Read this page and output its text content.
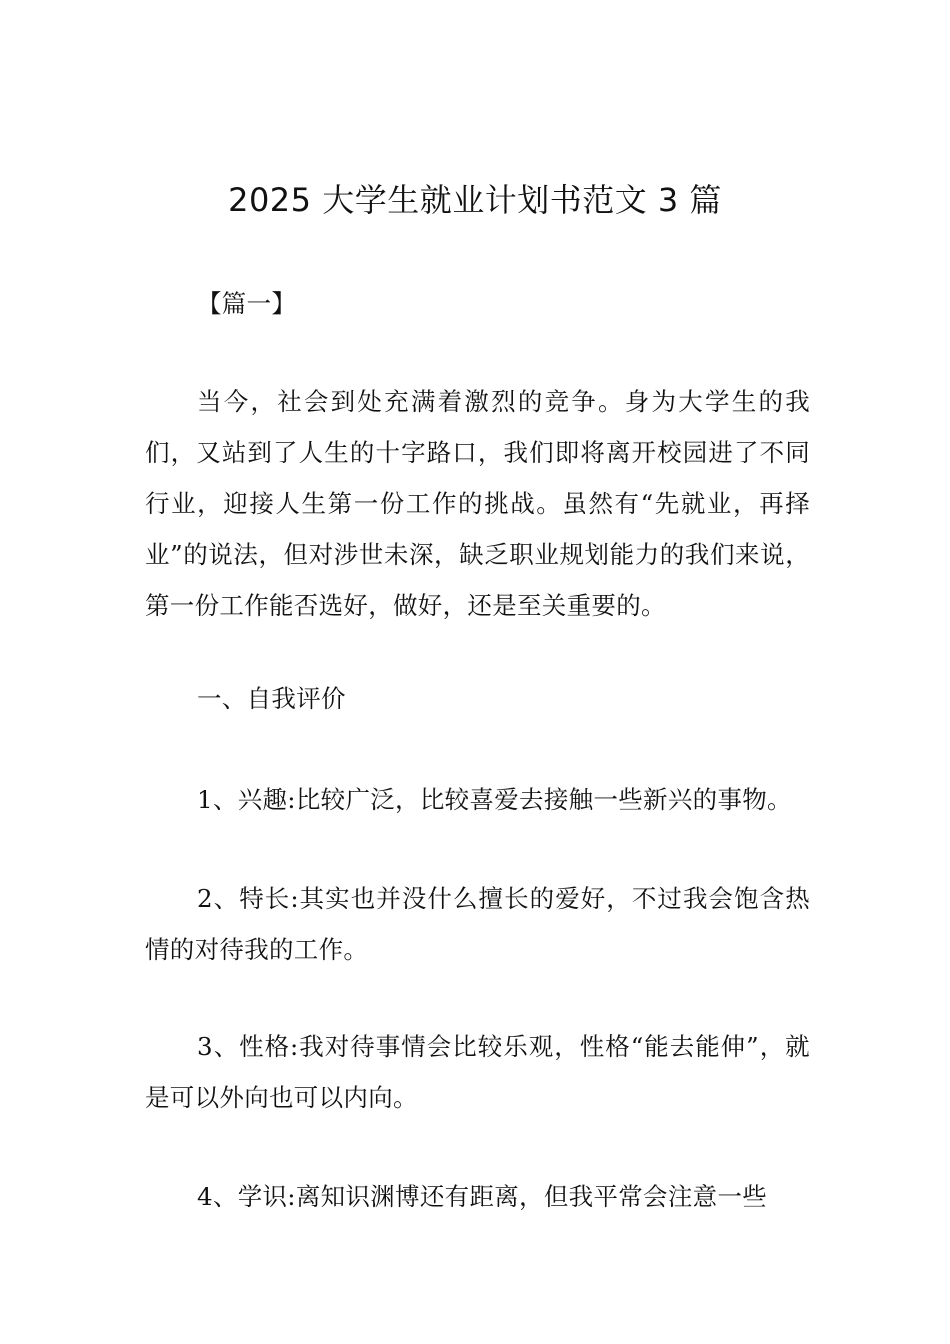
2025 大学生就业计划书范文 3 篇

【篇一】

当今，社会到处充满着激烈的竞争。身为大学生的我们，又站到了人生的十字路口，我们即将离开校园进了不同行业，迎接人生第一份工作的挑战。虽然有“先就业，再择业”的说法，但对涉世未深，缺乏职业规划能力的我们来说，第一份工作能否选好，做好，还是至关重要的。

一、自我评价

1、兴趣:比较广泛，比较喜爱去接触一些新兴的事物。

2、特长:其实也并没什么擅长的爱好，不过我会饱含热情的对待我的工作。

3、性格:我对待事情会比较乐观，性格“能去能伸”，就是可以外向也可以内向。

4、学识:离知识渊博还有距离，但我平常会注意一些
